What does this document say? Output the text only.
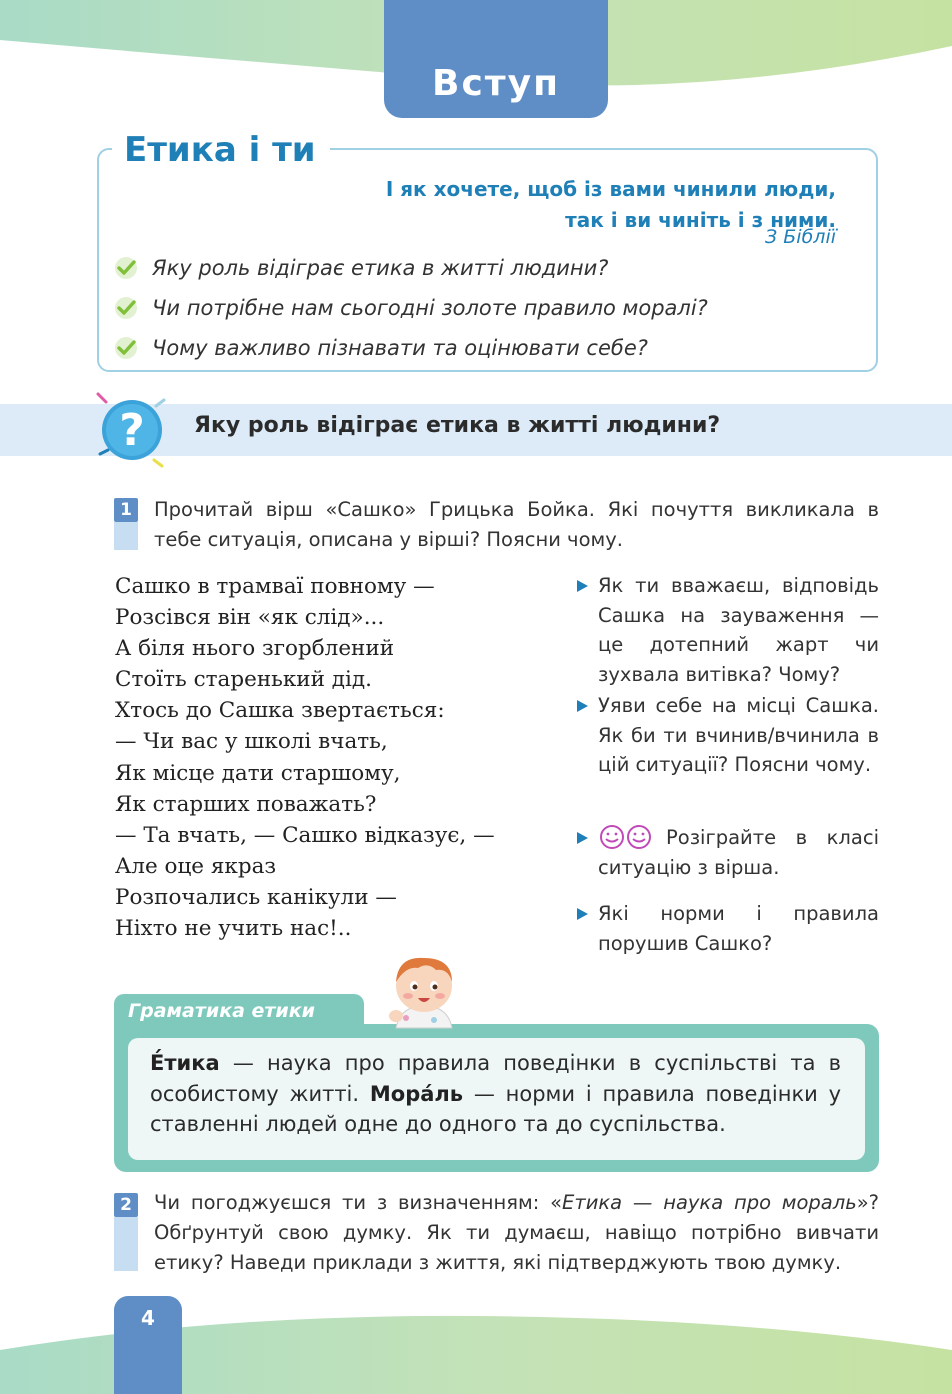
Вступ
Етика і ти
І як хочете, щоб із вами чинили люди,
так і ви чиніть і з ними.
З Біблії
Яку роль відіграє етика в житті людини?
Чи потрібне нам сьогодні золоте правило моралі?
Чому важливо пізнавати та оцінювати себе?
? Яку роль відіграє етика в житті людини?
1	Прочитай вірш «Сашко» Грицька Бойка. Які почуття викликала в тебе ситуація, описана у вірші? Поясни чому.
Сашко в трамваї повному —
Розсівся він «як слід»...
А біля нього згорблений
Стоїть старенький дід.
Хтось до Сашка звертається:
— Чи вас у школі вчать,
Як місце дати старшому,
Як старших поважать?
— Та вчать, — Сашко відказує, —
Але оце якраз
Розпочались канікули —
Ніхто не учить нас!..
Як ти вважаєш, відповідь Сашка на зауваження — це дотепний жарт чи зухвала витівка? Чому?
Уяви себе на місці Сашка. Як би ти вчинив/вчинила в цій ситуації? Поясни чому.
Розіграйте в класі ситуацію з вірша.
Які норми і правила порушив Сашко?
Граматика етики
Е́тика — наука про правила поведінки в суспільстві та в особистому житті. Мора́ль — норми і правила поведінки у ставленні людей одне до одного та до суспільства.
2	Чи погоджуєшся ти з визначенням: «Етика — наука про мораль»? Обґрунтуй свою думку. Як ти думаєш, навіщо потрібно вивчати етику? Наведи приклади з життя, які підтверджують твою думку.
4
